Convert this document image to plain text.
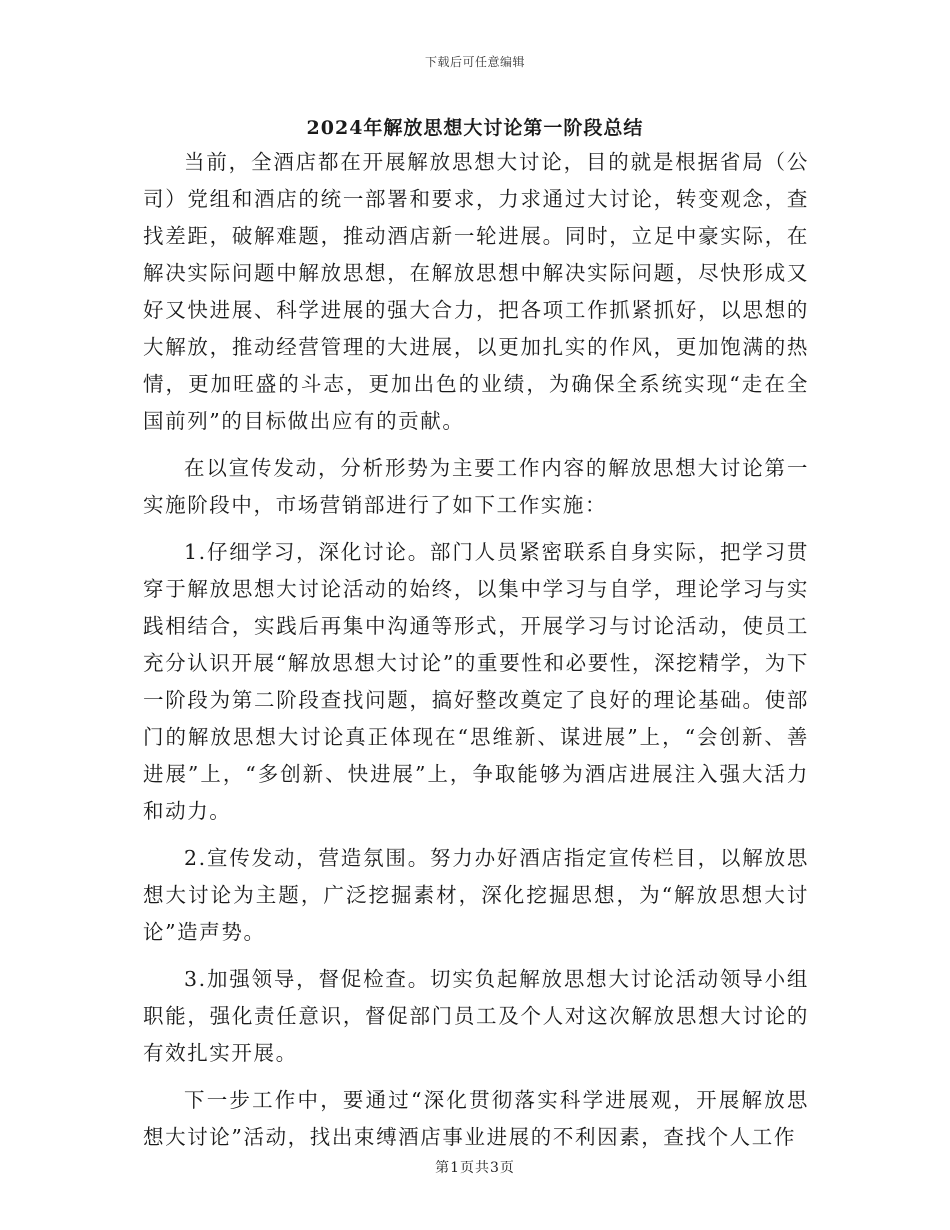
下载后可任意编辑
2024年解放思想大讨论第一阶段总结

当前，全酒店都在开展解放思想大讨论，目的就是根据省局（公司）党组和酒店的统一部署和要求，力求通过大讨论，转变观念，查找差距，破解难题，推动酒店新一轮进展。同时，立足中豪实际，在解决实际问题中解放思想，在解放思想中解决实际问题，尽快形成又好又快进展、科学进展的强大合力，把各项工作抓紧抓好，以思想的大解放，推动经营管理的大进展，以更加扎实的作风，更加饱满的热情，更加旺盛的斗志，更加出色的业绩，为确保全系统实现“走在全国前列”的目标做出应有的贡献。

在以宣传发动，分析形势为主要工作内容的解放思想大讨论第一实施阶段中，市场营销部进行了如下工作实施：

1.仔细学习，深化讨论。部门人员紧密联系自身实际，把学习贯穿于解放思想大讨论活动的始终，以集中学习与自学，理论学习与实践相结合，实践后再集中沟通等形式，开展学习与讨论活动，使员工充分认识开展“解放思想大讨论”的重要性和必要性，深挖精学，为下一阶段为第二阶段查找问题，搞好整改奠定了良好的理论基础。使部门的解放思想大讨论真正体现在“思维新、谋进展”上，“会创新、善进展”上，“多创新、快进展”上，争取能够为酒店进展注入强大活力和动力。

2.宣传发动，营造氛围。努力办好酒店指定宣传栏目，以解放思想大讨论为主题，广泛挖掘素材，深化挖掘思想，为“解放思想大讨论”造声势。

3.加强领导，督促检查。切实负起解放思想大讨论活动领导小组职能，强化责任意识，督促部门员工及个人对这次解放思想大讨论的有效扎实开展。

下一步工作中，要通过“深化贯彻落实科学进展观，开展解放思想大讨论”活动，找出束缚酒店事业进展的不利因素，查找个人工作

第1页共3页
